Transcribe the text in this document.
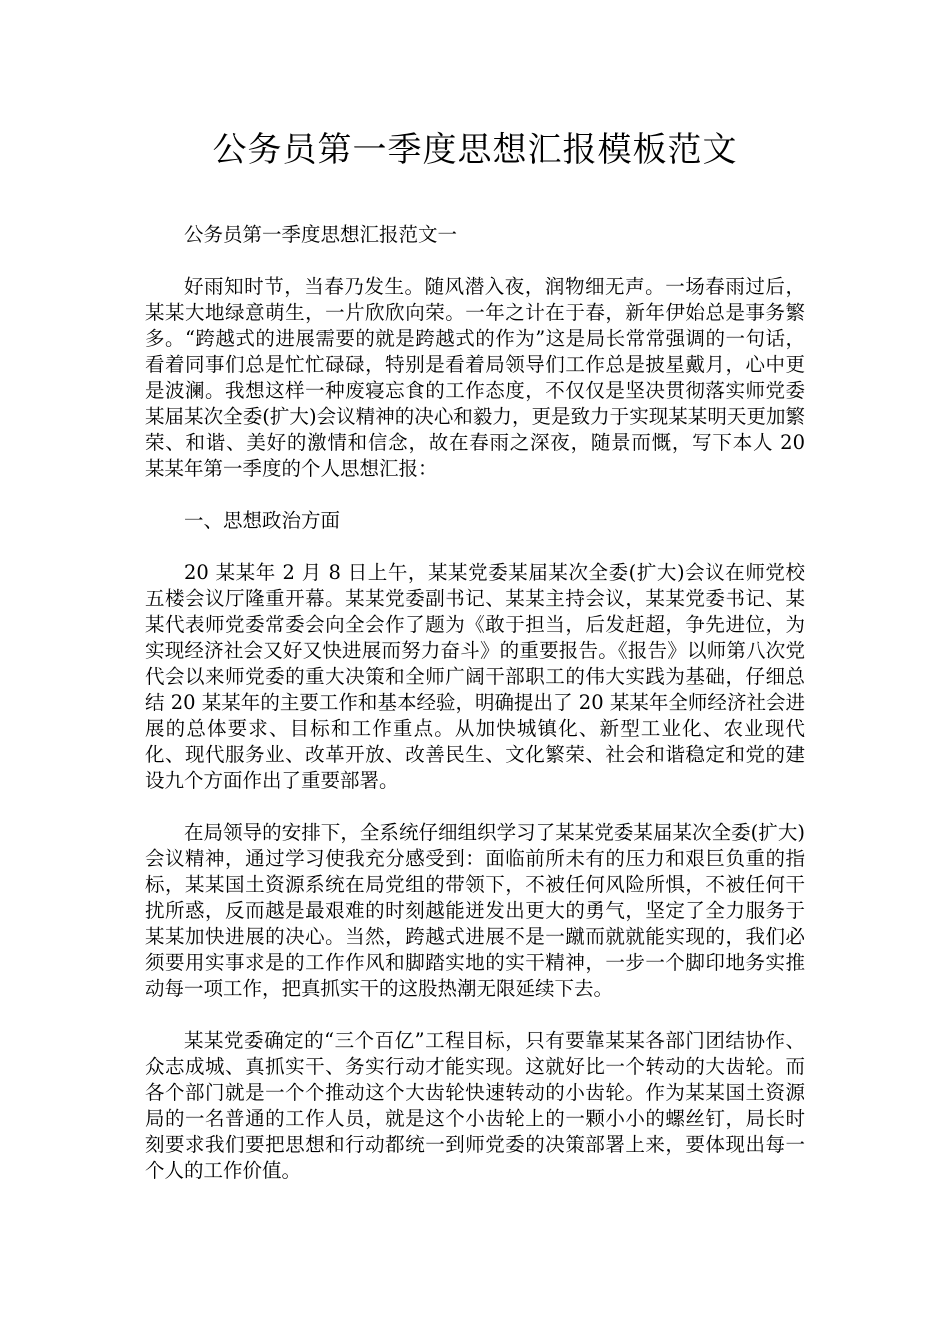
公务员第一季度思想汇报模板范文

公务员第一季度思想汇报范文一

好雨知时节，当春乃发生。随风潜入夜，润物细无声。一场春雨过后，某某大地绿意萌生，一片欣欣向荣。一年之计在于春，新年伊始总是事务繁多。“跨越式的进展需要的就是跨越式的作为”这是局长常常强调的一句话，看着同事们总是忙忙碌碌，特别是看着局领导们工作总是披星戴月，心中更是波澜。我想这样一种废寝忘食的工作态度，不仅仅是坚决贯彻落实师党委某届某次全委(扩大)会议精神的决心和毅力，更是致力于实现某某明天更加繁荣、和谐、美好的激情和信念，故在春雨之深夜，随景而慨，写下本人 20 某某年第一季度的个人思想汇报：

一、思想政治方面

20 某某年 2 月 8 日上午，某某党委某届某次全委(扩大)会议在师党校五楼会议厅隆重开幕。某某党委副书记、某某主持会议，某某党委书记、某某代表师党委常委会向全会作了题为《敢于担当，后发赶超，争先进位，为实现经济社会又好又快进展而努力奋斗》的重要报告。《报告》以师第八次党代会以来师党委的重大决策和全师广阔干部职工的伟大实践为基础，仔细总结 20 某某年的主要工作和基本经验，明确提出了 20 某某年全师经济社会进展的总体要求、目标和工作重点。从加快城镇化、新型工业化、农业现代化、现代服务业、改革开放、改善民生、文化繁荣、社会和谐稳定和党的建设九个方面作出了重要部署。

在局领导的安排下，全系统仔细组织学习了某某党委某届某次全委(扩大)会议精神，通过学习使我充分感受到：面临前所未有的压力和艰巨负重的指标，某某国土资源系统在局党组的带领下，不被任何风险所惧，不被任何干扰所惑，反而越是最艰难的时刻越能迸发出更大的勇气，坚定了全力服务于某某加快进展的决心。当然，跨越式进展不是一蹴而就就能实现的，我们必须要用实事求是的工作作风和脚踏实地的实干精神，一步一个脚印地务实推动每一项工作，把真抓实干的这股热潮无限延续下去。

某某党委确定的“三个百亿”工程目标，只有要靠某某各部门团结协作、众志成城、真抓实干、务实行动才能实现。这就好比一个转动的大齿轮。而各个部门就是一个个推动这个大齿轮快速转动的小齿轮。作为某某国土资源局的一名普通的工作人员，就是这个小齿轮上的一颗小小的螺丝钉，局长时刻要求我们要把思想和行动都统一到师党委的决策部署上来，要体现出每一个人的工作价值。
